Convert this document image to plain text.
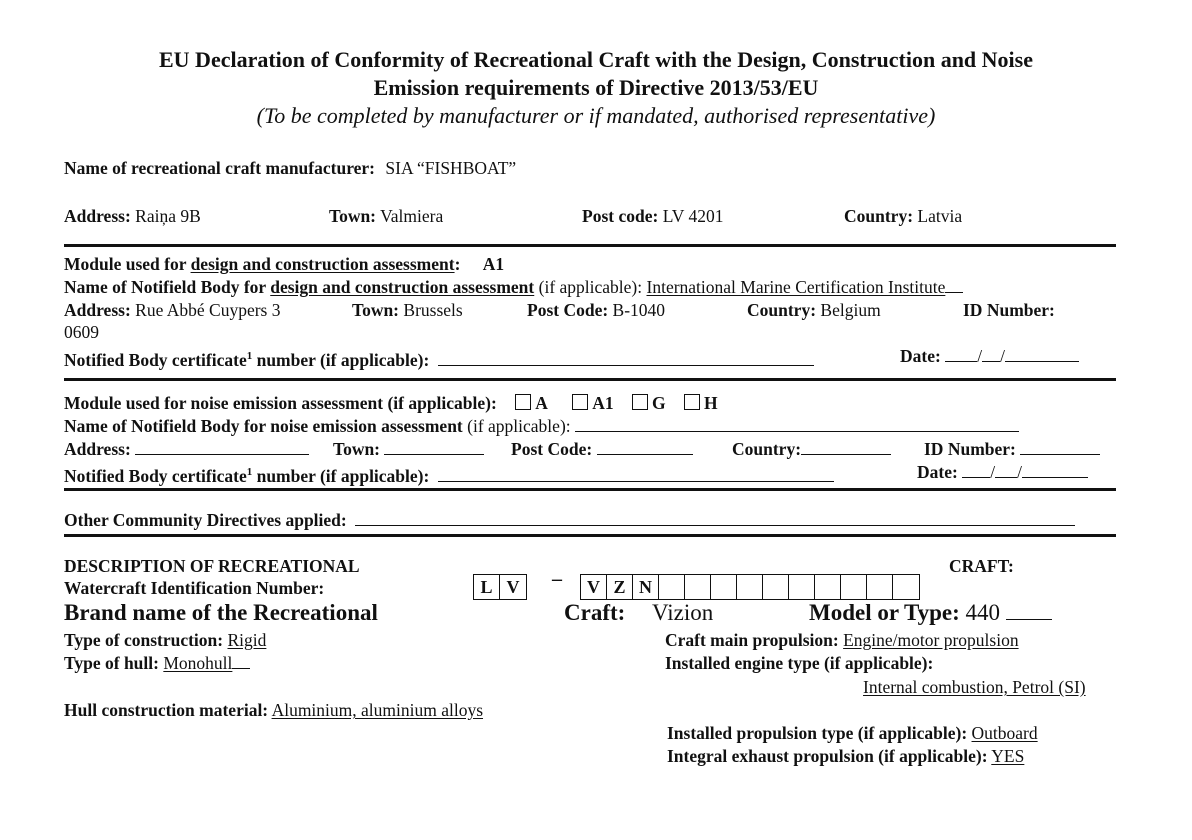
EU Declaration of Conformity of Recreational Craft with the Design, Construction and Noise
Emission requirements of Directive 2013/53/EU
(To be completed by manufacturer or if mandated, authorised representative)
Name of recreational craft manufacturer: SIA “FISHBOAT”
Address: Raiņa 9B	Town: Valmiera	Post code: LV 4201	Country: Latvia
Module used for design and construction assessment: A1
Name of Notifield Body for design and construction assessment (if applicable): International Marine Certification Institute
Address: Rue Abbé Cuypers 3	Town: Brussels	Post Code: B-1040	Country: Belgium	ID Number:
0609
Notified Body certificate$^1$ number (if applicable):	Date: / /
Module used for noise emission assessment (if applicable): A	A1 G H
Name of Notifield Body for noise emission assessment (if applicable):
Address:	Town:	Post Code:	Country:	ID Number:
Notified Body certificate$^1$ number (if applicable):	Date: / /
Other Community Directives applied:
DESCRIPTION OF RECREATIONAL	CRAFT:
Watercraft Identification Number:	L V	–	V Z N
Brand name of the Recreational	Craft: Vizion	Model or Type: 440
Type of construction: Rigid	Craft main propulsion: Engine/motor propulsion
Type of hull: Monohull	Installed engine type (if applicable):
Internal combustion, Petrol (SI)
Hull construction material: Aluminium, aluminium alloys
Installed propulsion type (if applicable): Outboard
Integral exhaust propulsion (if applicable): YES
